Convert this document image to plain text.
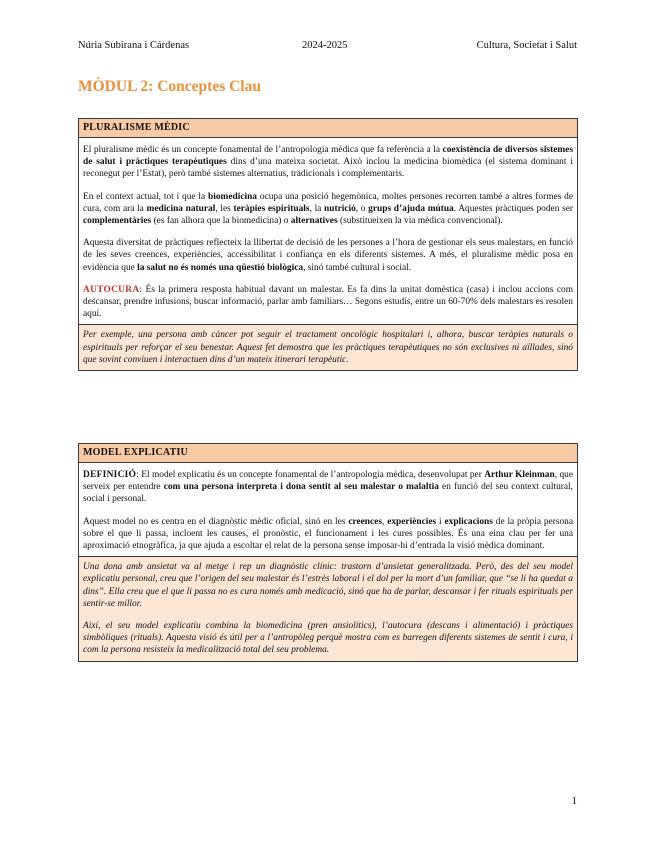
Núria Subirana i Cárdenas	2024-2025	Cultura, Societat i Salut
MÒDUL 2: Conceptes Clau
PLURALISME MÈDIC

El pluralisme mèdic és un concepte fonamental de l’antropologia mèdica que fa referència a la coexistència de diversos sistemes de salut i pràctiques terapèutiques dins d’una mateixa societat. Això inclou la medicina biomèdica (el sistema dominant i reconegut per l’Estat), però també sistemes alternatius, tradicionals i complementaris.

En el context actual, tot i que la biomedicina ocupa una posició hegemònica, moltes persones recorren també a altres formes de cura, com ara la medicina natural, les teràpies espirituals, la nutrició, o grups d’ajuda mútua. Aquestes pràctiques poden ser complementàries (es fan alhora que la biomedicina) o alternatives (substitueixen la via mèdica convencional).

Aquesta diversitat de pràctiques reflecteix la llibertat de decisió de les persones a l’hora de gestionar els seus malestars, en funció de les seves creences, experiències, accessibilitat i confiança en els diferents sistemes. A més, el pluralisme mèdic posa en evidència que la salut no és només una qüestió biològica, sinó també cultural i social.

AUTOCURA: És la primera resposta habitual davant un malestar. Es fa dins la unitat domèstica (casa) i inclou accions com descansar, prendre infusions, buscar informació, parlar amb familiars… Segons estudis, entre un 60-70% dels malestars es resolen aquí.

Per exemple, una persona amb càncer pot seguir el tractament oncològic hospitalari i, alhora, buscar teràpies naturals o espirituals per reforçar el seu benestar. Aquest fet demostra que les pràctiques terapèutiques no són exclusives ni aïllades, sinó que sovint conviuen i interactuen dins d’un mateix itinerari terapèutic.

MODEL EXPLICATIU

DEFINICIÓ: El model explicatiu és un concepte fonamental de l’antropologia mèdica, desenvolupat per Arthur Kleinman, que serveix per entendre com una persona interpreta i dona sentit al seu malestar o malaltia en funció del seu context cultural, social i personal.

Aquest model no es centra en el diagnòstic mèdic oficial, sinó en les creences, experiències i explicacions de la pròpia persona sobre el que li passa, incloent les causes, el pronòstic, el funcionament i les cures possibles. És una eina clau per fer una aproximació etnogràfica, ja que ajuda a escoltar el relat de la persona sense imposar-hi d’entrada la visió mèdica dominant.

Una dona amb ansietat va al metge i rep un diagnòstic clínic: trastorn d’ansietat generalitzada. Però, des del seu model explicatiu personal, creu que l’origen del seu malestar és l’estrès laboral i el dol per la mort d’un familiar, que “se li ha quedat a dins”. Ella creu que el que li passa no es cura només amb medicació, sinó que ha de parlar, descansar i fer rituals espirituals per sentir-se millor.

Així, el seu model explicatiu combina la biomedicina (pren ansiolítics), l’autocura (descans i alimentació) i pràctiques simbòliques (rituals). Aquesta visió és útil per a l’antropòleg perquè mostra com es barregen diferents sistemes de sentit i cura, i com la persona resisteix la medicalització total del seu problema.

1
